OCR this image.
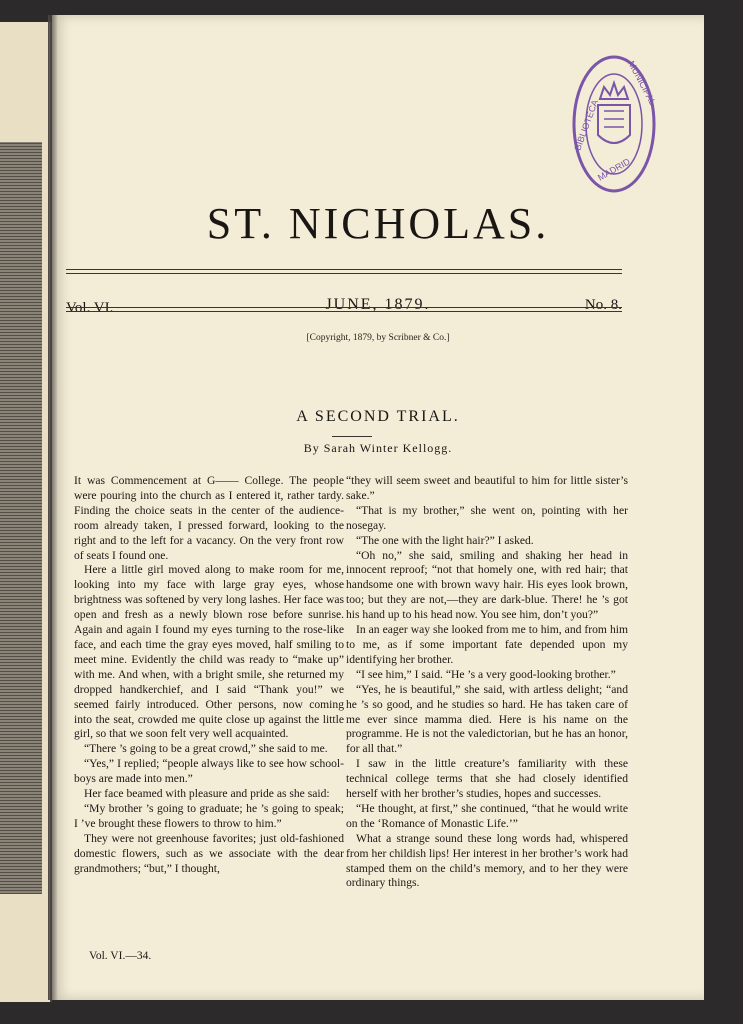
BIBLIOTECA
MUNICIPAL
MADRID
ST. NICHOLAS.
Vol. VI.	JUNE, 1879.	No. 8.
[Copyright, 1879, by Scribner & Co.]
A SECOND TRIAL.
By Sarah Winter Kellogg.

It was Commencement at G—— College. The people were pouring into the church as I entered it, rather tardy. Finding the choice seats in the center of the audience-room already taken, I pressed forward, looking to the right and to the left for a vacancy. On the very front row of seats I found one.

Here a little girl moved along to make room for me, looking into my face with large gray eyes, whose brightness was softened by very long lashes. Her face was open and fresh as a newly blown rose before sunrise. Again and again I found my eyes turning to the rose-like face, and each time the gray eyes moved, half smiling to meet mine. Evidently the child was ready to “make up” with me. And when, with a bright smile, she returned my dropped handkerchief, and I said “Thank you!” we seemed fairly introduced. Other persons, now coming into the seat, crowded me quite close up against the little girl, so that we soon felt very well acquainted.

“There ’s going to be a great crowd,” she said to me.

“Yes,” I replied; “people always like to see how school-boys are made into men.”

Her face beamed with pleasure and pride as she said:

“My brother ’s going to graduate; he ’s going to speak; I ’ve brought these flowers to throw to him.”

They were not greenhouse favorites; just old-fashioned domestic flowers, such as we associate with the dear grandmothers; “but,” I thought,

“they will seem sweet and beautiful to him for little sister’s sake.”

“That is my brother,” she went on, pointing with her nosegay.

“The one with the light hair?” I asked.

“Oh no,” she said, smiling and shaking her head in innocent reproof; “not that homely one, with red hair; that handsome one with brown wavy hair. His eyes look brown, too; but they are not,—they are dark-blue. There! he ’s got his hand up to his head now. You see him, don’t you?”

In an eager way she looked from me to him, and from him to me, as if some important fate depended upon my identifying her brother.

“I see him,” I said. “He ’s a very good-looking brother.”

“Yes, he is beautiful,” she said, with artless delight; “and he ’s so good, and he studies so hard. He has taken care of me ever since mamma died. Here is his name on the programme. He is not the valedictorian, but he has an honor, for all that.”

I saw in the little creature’s familiarity with these technical college terms that she had closely identified herself with her brother’s studies, hopes and successes.

“He thought, at first,” she continued, “that he would write on the ‘Romance of Monastic Life.’”

What a strange sound these long words had, whispered from her childish lips! Her interest in her brother’s work had stamped them on the child’s memory, and to her they were ordinary things.

Vol. VI.—34.
